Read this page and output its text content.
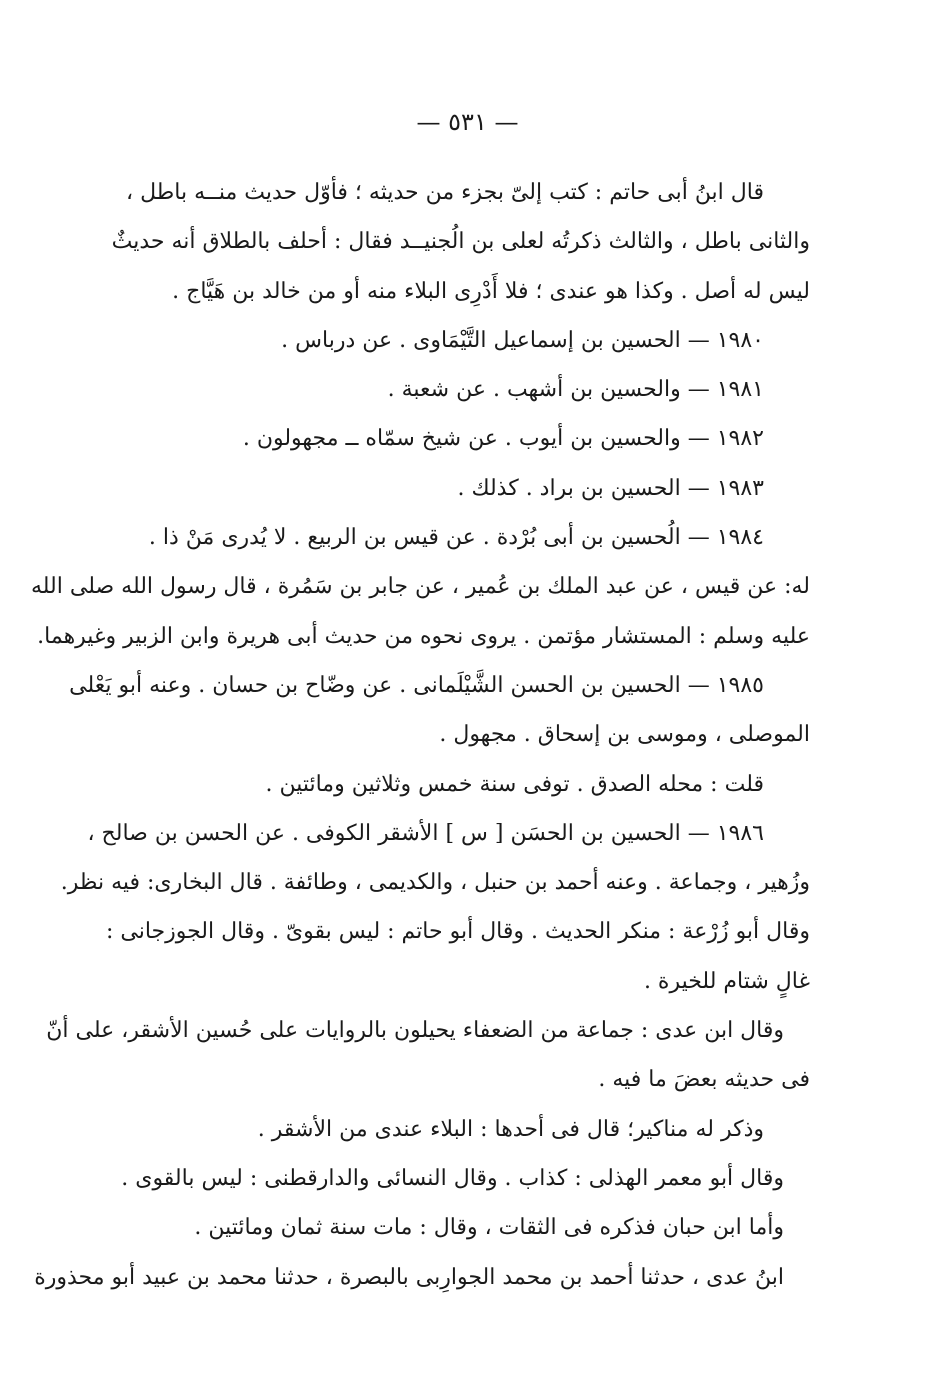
— ٥٣١ —
قال ابنُ أبى حاتم : كتب إلىّ بجزء من حديثه ؛ فأوّل حديث منــه باطل ،
والثانى باطل ، والثالث ذكرتُه لعلى بن الُجنيــد فقال : أحلف بالطلاق أنه حديثٌ
ليس له أصل . وكذا هو عندى ؛ فلا أَدْرِى البلاء منه أو من خالد بن هَيَّاج .
١٩٨٠ — الحسين بن إسماعيل التَّيْمَاوى . عن درباس .
١٩٨١ — والحسين بن أشهب . عن شعبة .
١٩٨٢ — والحسين بن أيوب . عن شيخ سمّاه ــ مجهولون .
١٩٨٣ — الحسين بن براد . كذلك .
١٩٨٤ — الُحسين بن أبى بُرْدة . عن قيس بن الربيع . لا يُدرى مَنْ ذا .
له: عن قيس ، عن عبد الملك بن عُمير ، عن جابر بن سَمُرة ، قال رسول الله صلى الله
عليه وسلم : المستشار مؤتمن . يروى نحوه من حديث أبى هريرة وابن الزبير وغيرهما.
١٩٨٥ — الحسين بن الحسن الشَّيْلَمانى . عن وضّاح بن حسان . وعنه أبو يَعْلى
الموصلى ، وموسى بن إسحاق . مجهول .
قلت : محله الصدق . توفى سنة خمس وثلاثين ومائتين .
١٩٨٦ — الحسين بن الحسَن [ س ] الأشقر الكوفى . عن الحسن بن صالح ،
وزُهير ، وجماعة . وعنه أحمد بن حنبل ، والكديمى ، وطائفة . قال البخارى: فيه نظر.
وقال أبو زُرْعة : منكر الحديث . وقال أبو حاتم : ليس بقوىّ . وقال الجوزجانى :
غالٍ شتام للخيرة .
وقال ابن عدى : جماعة من الضعفاء يحيلون بالروايات على حُسين الأشقر، على أنّ
فى حديثه بعضَ ما فيه .
وذكر له مناكير؛ قال فى أحدها : البلاء عندى من الأشقر .
وقال أبو معمر الهذلى : كذاب . وقال النسائى والدارقطنى : ليس بالقوى .
وأما ابن حبان فذكره فى الثقات ، وقال : مات سنة ثمان ومائتين .
ابنُ عدى ، حدثنا أحمد بن محمد الجوارِبى بالبصرة ، حدثنا محمد بن عبيد أبو محذورة
